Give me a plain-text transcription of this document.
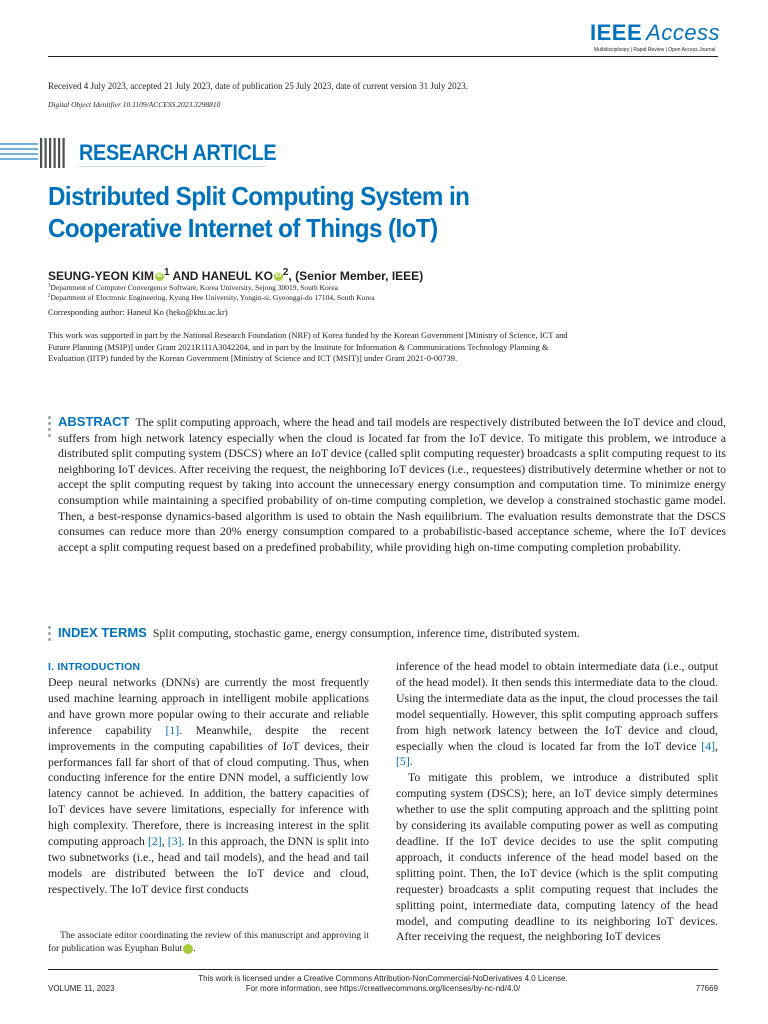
IEEE Access
Multidisciplinary | Rapid Review | Open Access Journal
Received 4 July 2023, accepted 21 July 2023, date of publication 25 July 2023, date of current version 31 July 2023.
Digital Object Identifier 10.1109/ACCESS.2023.3298810
RESEARCH ARTICLE
Distributed Split Computing System in
Cooperative Internet of Things (IoT)
SEUNG-YEON KIM iD $^1$ AND HANEUL KO iD $^2$, (Senior Member, IEEE)
$^1$Department of Computer Convergence Software, Korea University, Sejong 30019, South Korea
$^2$Department of Electronic Engineering, Kyung Hee University, Yongin-si, Gyeonggi-do 17104, South Korea
Corresponding author: Haneul Ko (heko@khu.ac.kr)
This work was supported in part by the National Research Foundation (NRF) of Korea funded by the Korean Government [Ministry of Science, ICT and Future Planning (MSIP)] under Grant 2021R1I1A3042204, and in part by the Institute for Information & Communications Technology Planning & Evaluation (IITP) funded by the Korean Government [Ministry of Science and ICT (MSIT)] under Grant 2021-0-00739.
ABSTRACT The split computing approach, where the head and tail models are respectively distributed between the IoT device and cloud, suffers from high network latency especially when the cloud is located far from the IoT device. To mitigate this problem, we introduce a distributed split computing system (DSCS) where an IoT device (called split computing requester) broadcasts a split computing request to its neighboring IoT devices. After receiving the request, the neighboring IoT devices (i.e., requestees) distributively determine whether or not to accept the split computing request by taking into account the unnecessary energy consumption and computation time. To minimize energy consumption while maintaining a specified probability of on-time computing completion, we develop a constrained stochastic game model. Then, a best-response dynamics-based algorithm is used to obtain the Nash equilibrium. The evaluation results demonstrate that the DSCS consumes can reduce more than 20% energy consumption compared to a probabilistic-based acceptance scheme, where the IoT devices accept a split computing request based on a predefined probability, while providing high on-time computing completion probability.
INDEX TERMS Split computing, stochastic game, energy consumption, inference time, distributed system.
I. INTRODUCTION

Deep neural networks (DNNs) are currently the most frequently used machine learning approach in intelligent mobile applications and have grown more popular owing to their accurate and reliable inference capability [1]. Meanwhile, despite the recent improvements in the computing capabilities of IoT devices, their performances fall far short of that of cloud computing. Thus, when conducting inference for the entire DNN model, a sufficiently low latency cannot be achieved. In addition, the battery capacities of IoT devices have severe limitations, especially for inference with high complexity. Therefore, there is increasing interest in the split computing approach [2], [3]. In this approach, the DNN is split into two subnetworks (i.e., head and tail models), and the head and tail models are distributed between the IoT device and cloud, respectively. The IoT device first conducts

The associate editor coordinating the review of this manuscript and approving it for publication was Eyuphan Bulut iD.

inference of the head model to obtain intermediate data (i.e., output of the head model). It then sends this intermediate data to the cloud. Using the intermediate data as the input, the cloud processes the tail model sequentially. However, this split computing approach suffers from high network latency between the IoT device and cloud, especially when the cloud is located far from the IoT device [4], [5].

To mitigate this problem, we introduce a distributed split computing system (DSCS); here, an IoT device simply determines whether to use the split computing approach and the splitting point by considering its available computing power as well as computing deadline. If the IoT device decides to use the split computing approach, it conducts inference of the head model based on the splitting point. Then, the IoT device (which is the split computing requester) broadcasts a split computing request that includes the splitting point, intermediate data, computing latency of the head model, and computing deadline to its neighboring IoT devices. After receiving the request, the neighboring IoT devices

This work is licensed under a Creative Commons Attribution-NonCommercial-NoDerivatives 4.0 License.
For more information, see https://creativecommons.org/licenses/by-nc-nd/4.0/
VOLUME 11, 2023	77669
